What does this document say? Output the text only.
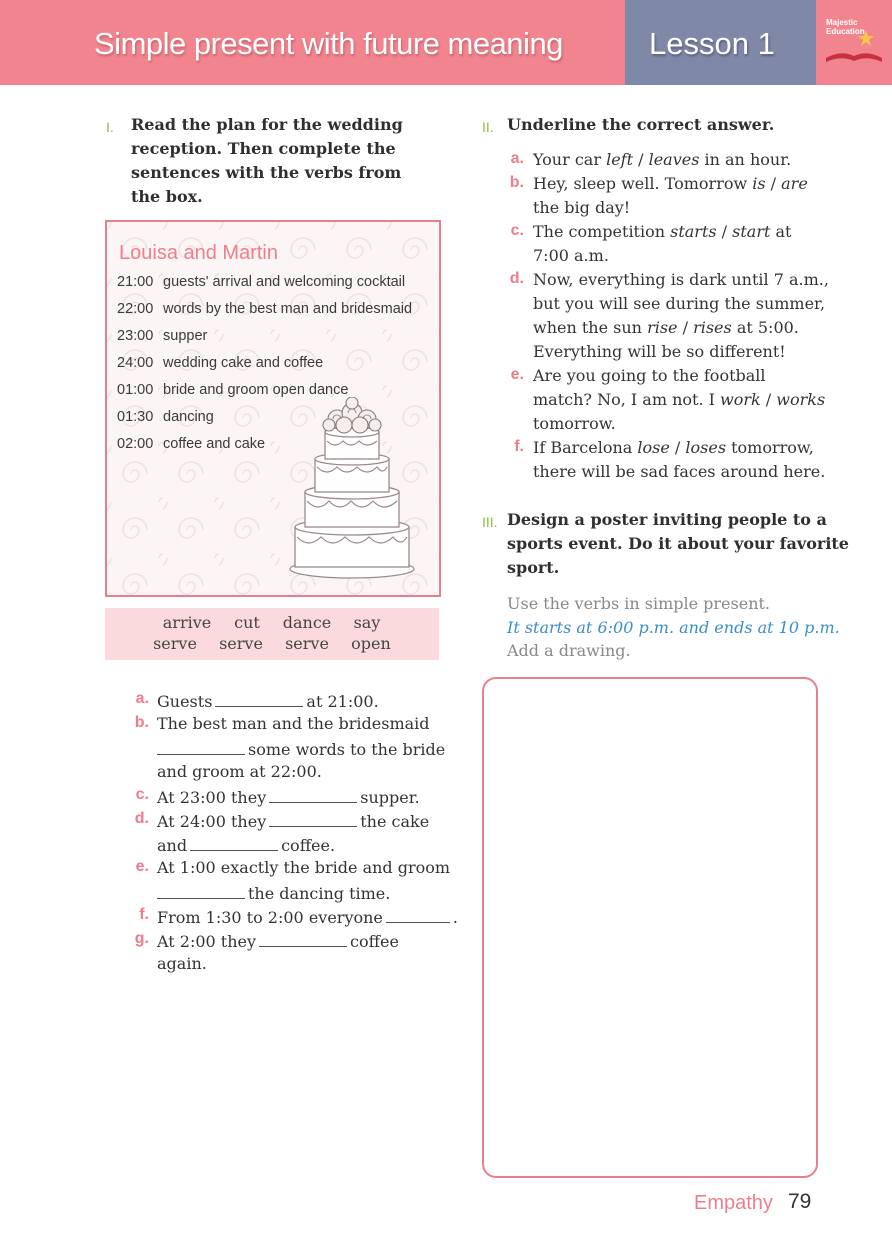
Simple present with future meaning	Lesson 1
Majestic
Education
I. Read the plan for the wedding
reception. Then complete the
sentences with the verbs from
the box.
Louisa and Martin
21:00 guests' arrival and welcoming cocktail
22:00 words by the best man and bridesmaid
23:00 supper
24:00 wedding cake and coffee
01:00 bride and groom open dance
01:30 dancing
02:00 coffee and cake
arrive	cut	dance	say
serve	serve	serve	open
a. Guests	at 21:00.
b. The best man and the bridesmaid
some words to the bride
and groom at 22:00.
c. At 23:00 they	supper.
d. At 24:00 they	the cake
and	coffee.
e. At 1:00 exactly the bride and groom
the dancing time.
f. From 1:30 to 2:00 everyone	.
g. At 2:00 they	coffee
again.
II. Underline the correct answer.
a. Your car left / leaves in an hour.
b. Hey, sleep well. Tomorrow is / are
the big day!
c. The competition starts / start at
7:00 a.m.
d. Now, everything is dark until 7 a.m.,
but you will see during the summer,
when the sun rise / rises at 5:00.
Everything will be so different!
e. Are you going to the football
match? No, I am not. I work / works
tomorrow.
f. If Barcelona lose / loses tomorrow,
there will be sad faces around here.
III. Design a poster inviting people to a
sports event. Do it about your favorite
sport.
Use the verbs in simple present.
It starts at 6:00 p.m. and ends at 10 p.m.
Add a drawing.
Empathy 79
